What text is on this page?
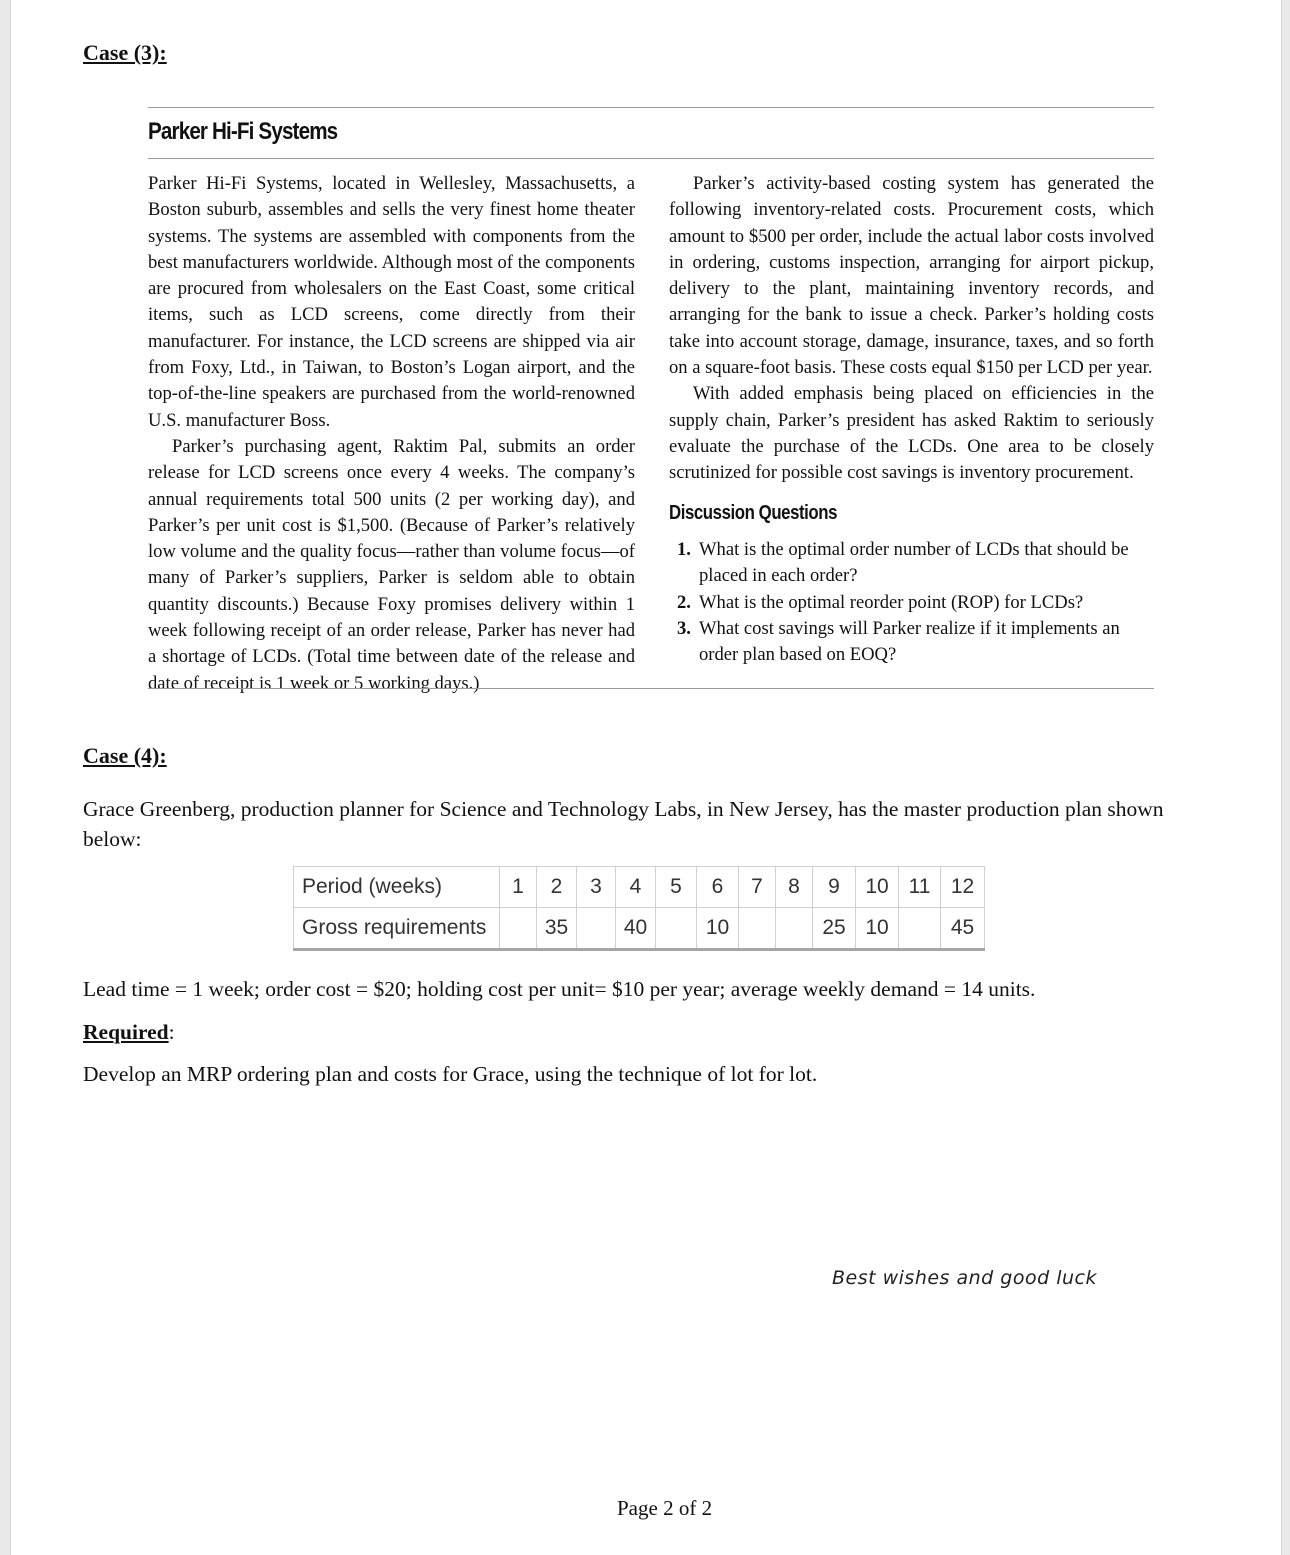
Case (3):
Parker Hi-Fi Systems

Parker Hi-Fi Systems, located in Wellesley, Massachusetts, a Boston suburb, assembles and sells the very finest home theater systems. The systems are assembled with components from the best manufacturers worldwide. Although most of the components are procured from wholesalers on the East Coast, some critical items, such as LCD screens, come directly from their manufacturer. For instance, the LCD screens are shipped via air from Foxy, Ltd., in Taiwan, to Boston’s Logan airport, and the top-of-the-line speakers are purchased from the world-renowned U.S. manufacturer Boss.

Parker’s purchasing agent, Raktim Pal, submits an order release for LCD screens once every 4 weeks. The company’s annual requirements total 500 units (2 per working day), and Parker’s per unit cost is $1,500. (Because of Parker’s relatively low volume and the quality focus—rather than volume focus—of many of Parker’s suppliers, Parker is seldom able to obtain quantity discounts.) Because Foxy promises delivery within 1 week following receipt of an order release, Parker has never had a shortage of LCDs. (Total time between date of the release and date of receipt is 1 week or 5 working days.)

Parker’s activity-based costing system has generated the following inventory-related costs. Procurement costs, which amount to $500 per order, include the actual labor costs involved in ordering, customs inspection, arranging for airport pickup, delivery to the plant, maintaining inventory records, and arranging for the bank to issue a check. Parker’s holding costs take into account storage, damage, insurance, taxes, and so forth on a square-foot basis. These costs equal $150 per LCD per year.

With added emphasis being placed on efficiencies in the supply chain, Parker’s president has asked Raktim to seriously evaluate the purchase of the LCDs. One area to be closely scrutinized for possible cost savings is inventory procurement.

Discussion Questions
1. What is the optimal order number of LCDs that should be placed in each order?
2. What is the optimal reorder point (ROP) for LCDs?
3. What cost savings will Parker realize if it implements an order plan based on EOQ?
Case (4):
Grace Greenberg, production planner for Science and Technology Labs, in New Jersey, has the master production plan shown below:
Period (weeks)	1	2	3	4	5	6	7	8	9	10	11	12
Gross requirements		35		40		10			25	10		45
Lead time = 1 week; order cost = $20; holding cost per unit= $10 per year; average weekly demand = 14 units.
Required:
Develop an MRP ordering plan and costs for Grace, using the technique of lot for lot.
Best wishes and good luck
Page 2 of 2
